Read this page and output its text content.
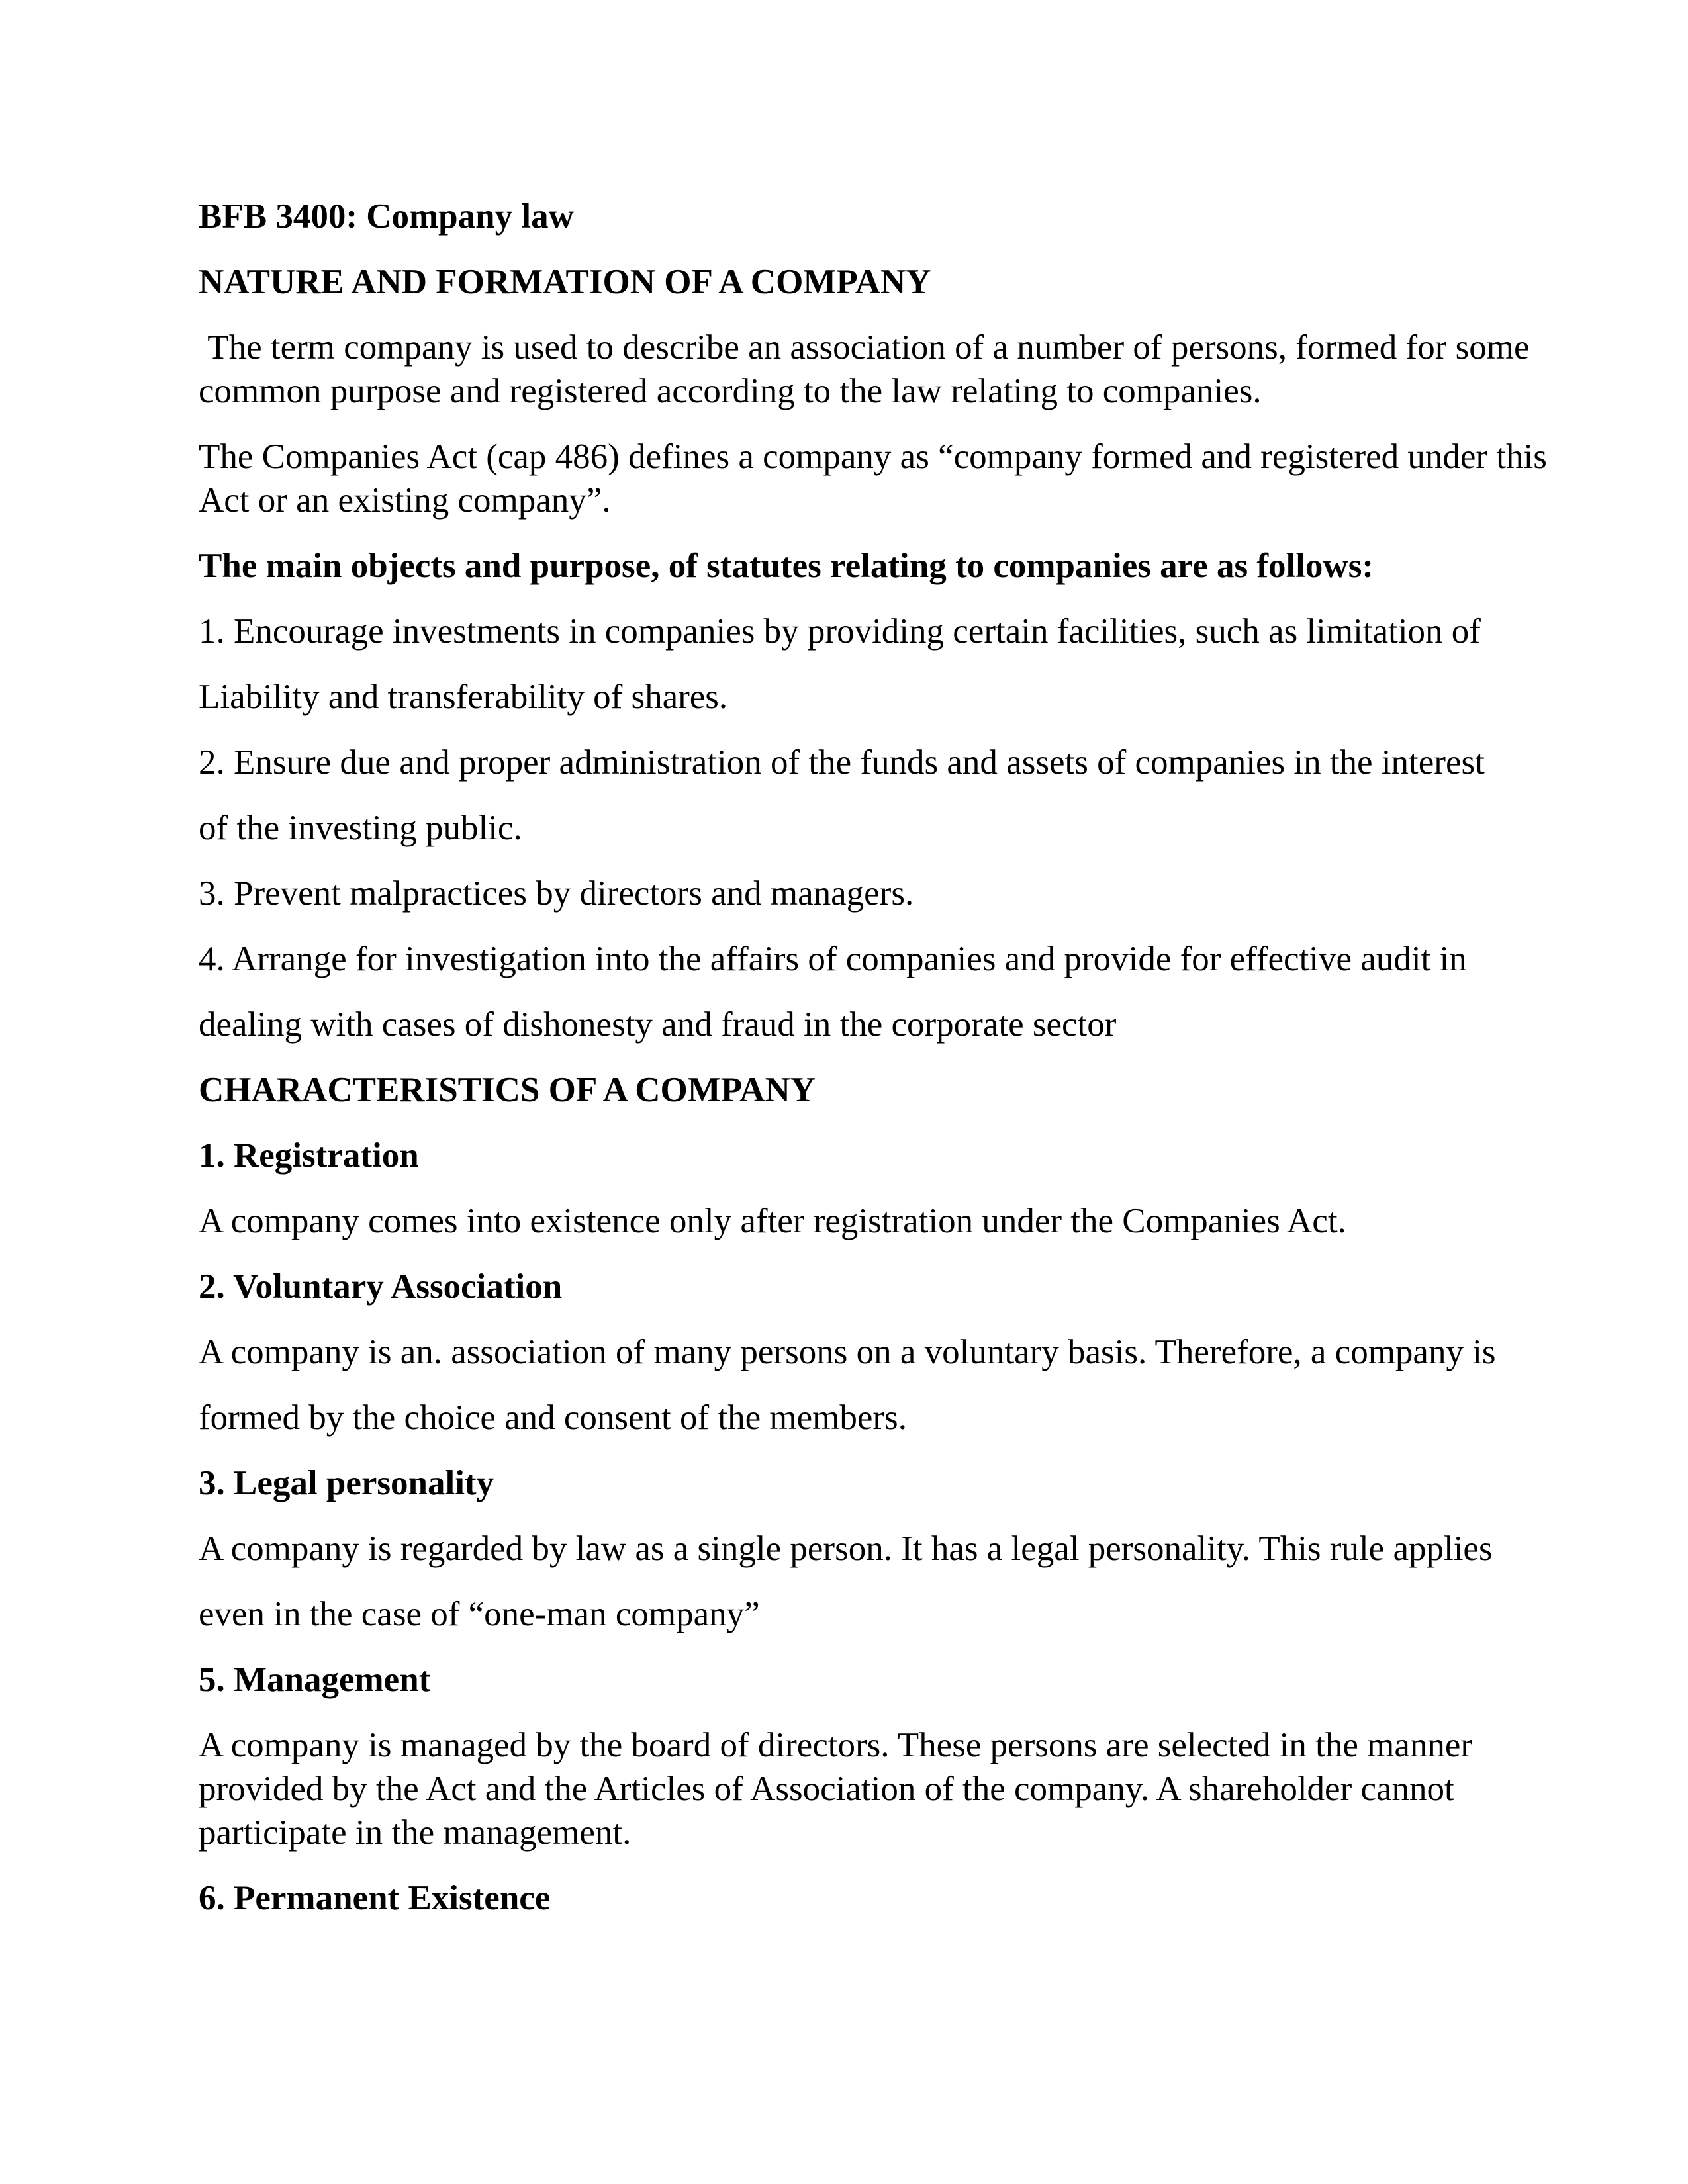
BFB 3400: Company law

NATURE AND FORMATION OF A COMPANY

The term company is used to describe an association of a number of persons, formed for some
common purpose and registered according to the law relating to companies.

The Companies Act (cap 486) defines a company as “company formed and registered under this
Act or an existing company”.

The main objects and purpose, of statutes relating to companies are as follows:

1. Encourage investments in companies by providing certain facilities, such as limitation of

Liability and transferability of shares.

2. Ensure due and proper administration of the funds and assets of companies in the interest

of the investing public.

3. Prevent malpractices by directors and managers.

4. Arrange for investigation into the affairs of companies and provide for effective audit in

dealing with cases of dishonesty and fraud in the corporate sector

CHARACTERISTICS OF A COMPANY

1. Registration

A company comes into existence only after registration under the Companies Act.

2. Voluntary Association

A company is an. association of many persons on a voluntary basis. Therefore, a company is

formed by the choice and consent of the members.

3. Legal personality

A company is regarded by law as a single person. It has a legal personality. This rule applies

even in the case of “one-man company”

5. Management

A company is managed by the board of directors. These persons are selected in the manner
provided by the Act and the Articles of Association of the company. A shareholder cannot
participate in the management.

6. Permanent Existence
